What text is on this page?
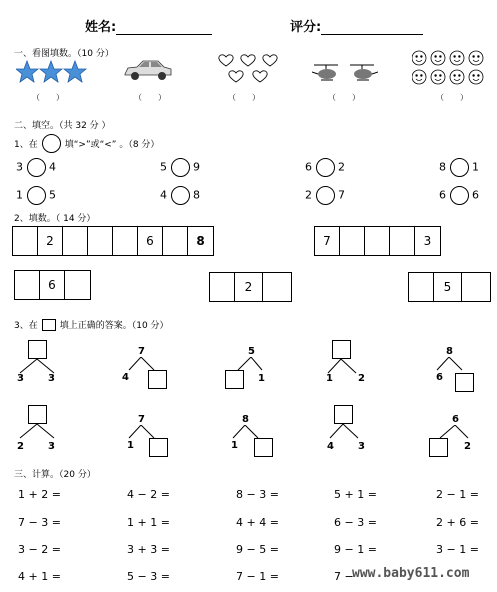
姓名:	评分:
一、看图填数。（10 分）
（　　）	（　　）	（　　）	（　　）	（　　）
二、填空。（共 32 分 ）
1、在	填“>”或“<” 。（8 分）
3 4	5 9	6 2	8 1
1 5	4 8	2 7	6 6
2、填数。（ 14 分）
2	6	8	7	3
6	2	5
3、在 填上正确的答案。（10 分）
3 3
7
4
5
1	1	2
8
6
2 3
7
1
8
1	4 3
6
2
三、计算。（20 分）
1 + 2 =	4 − 2 =	8 − 3 =	5 + 1 =	2 − 1 =
7 − 3 =	1 + 1 =	4 + 4 =	6 − 3 =	2 + 6 =
3 − 2 =	3 + 3 =	9 − 5 =	9 − 1 =	3 − 1 =
4 + 1 =	5 − 3 =	7 − 1 =	7 −
www.baby611.com
